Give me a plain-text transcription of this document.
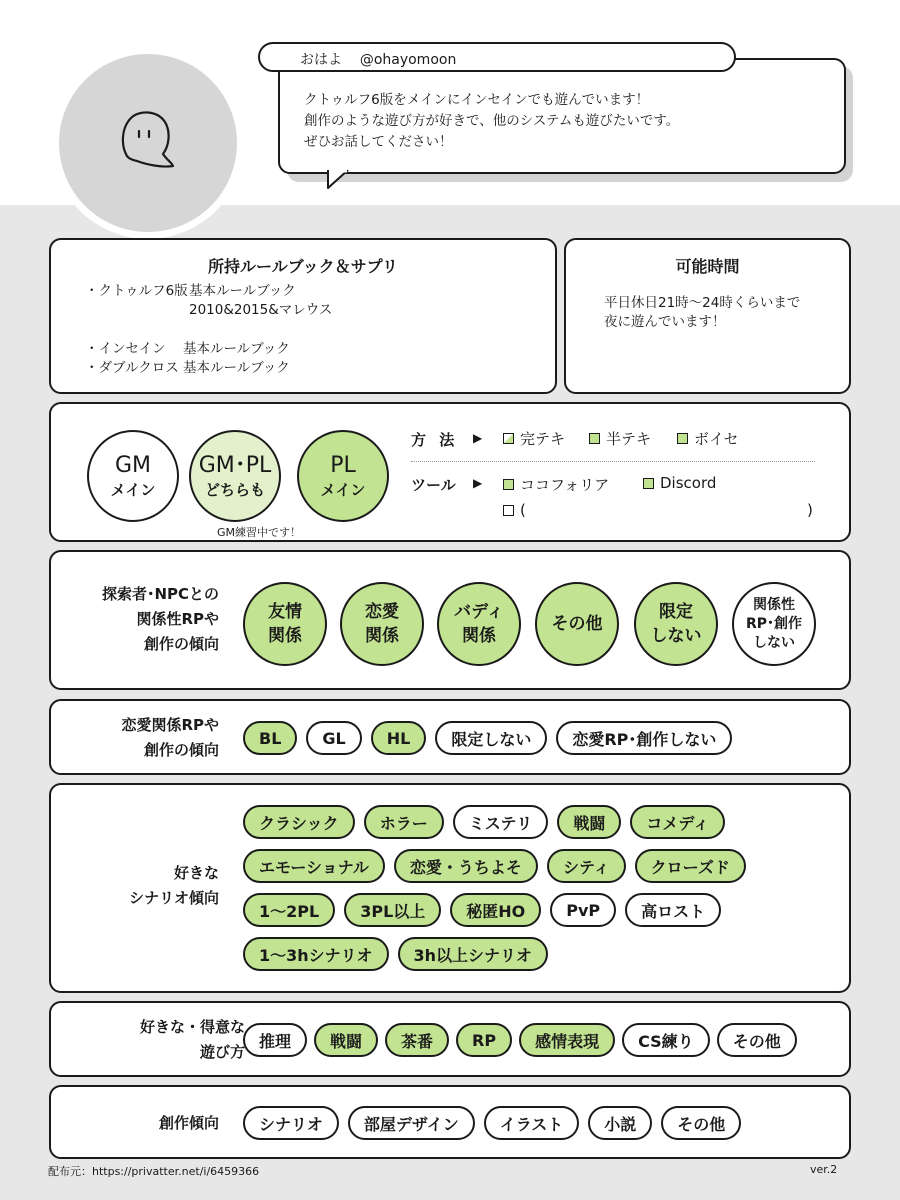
おはよ @ohayomoon
クトゥルフ6版をメインにインセインでも遊んでいます！
創作のような遊び方が好きで、他のシステムも遊びたいです。
ぜひお話してください！
所持ルールブック＆サプリ
・クトゥルフ6版 基本ルールブック
2010&2015&マレウス
・インセイン	基本ルールブック
・ダブルクロス 基本ルールブック
可能時間
平日休日21時〜24時くらいまで
夜に遊んでいます！
GM
メイン
GM･PL
どちらも
PL
メイン
GM練習中です！
方 法 ▶	完テキ	半テキ	ボイセ
ツール ▶	ココフォリア	Discord
(	)
探索者･NPCとの
関係性RPや
創作の傾向
友情
関係
恋愛
関係
バディ
関係
その他
限定
しない
関係性
RP･創作
しない
恋愛関係RPや
創作の傾向
BL	GL	HL	限定しない	恋愛RP･創作しない
好きな
シナリオ傾向
クラシック	ホラー	ミステリ	戦闘	コメディ
エモーショナル	恋愛・うちよそ	シティ	クローズド
1〜2PL	3PL以上	秘匿HO	PvP	高ロスト
1〜3hシナリオ	3h以上シナリオ
好きな・得意な
遊び方
推理	戦闘	茶番	RP	感情表現	CS練り	その他
創作傾向	シナリオ	部屋デザイン	イラスト	小説	その他
配布元：https://privatter.net/i/6459366	ver.2
